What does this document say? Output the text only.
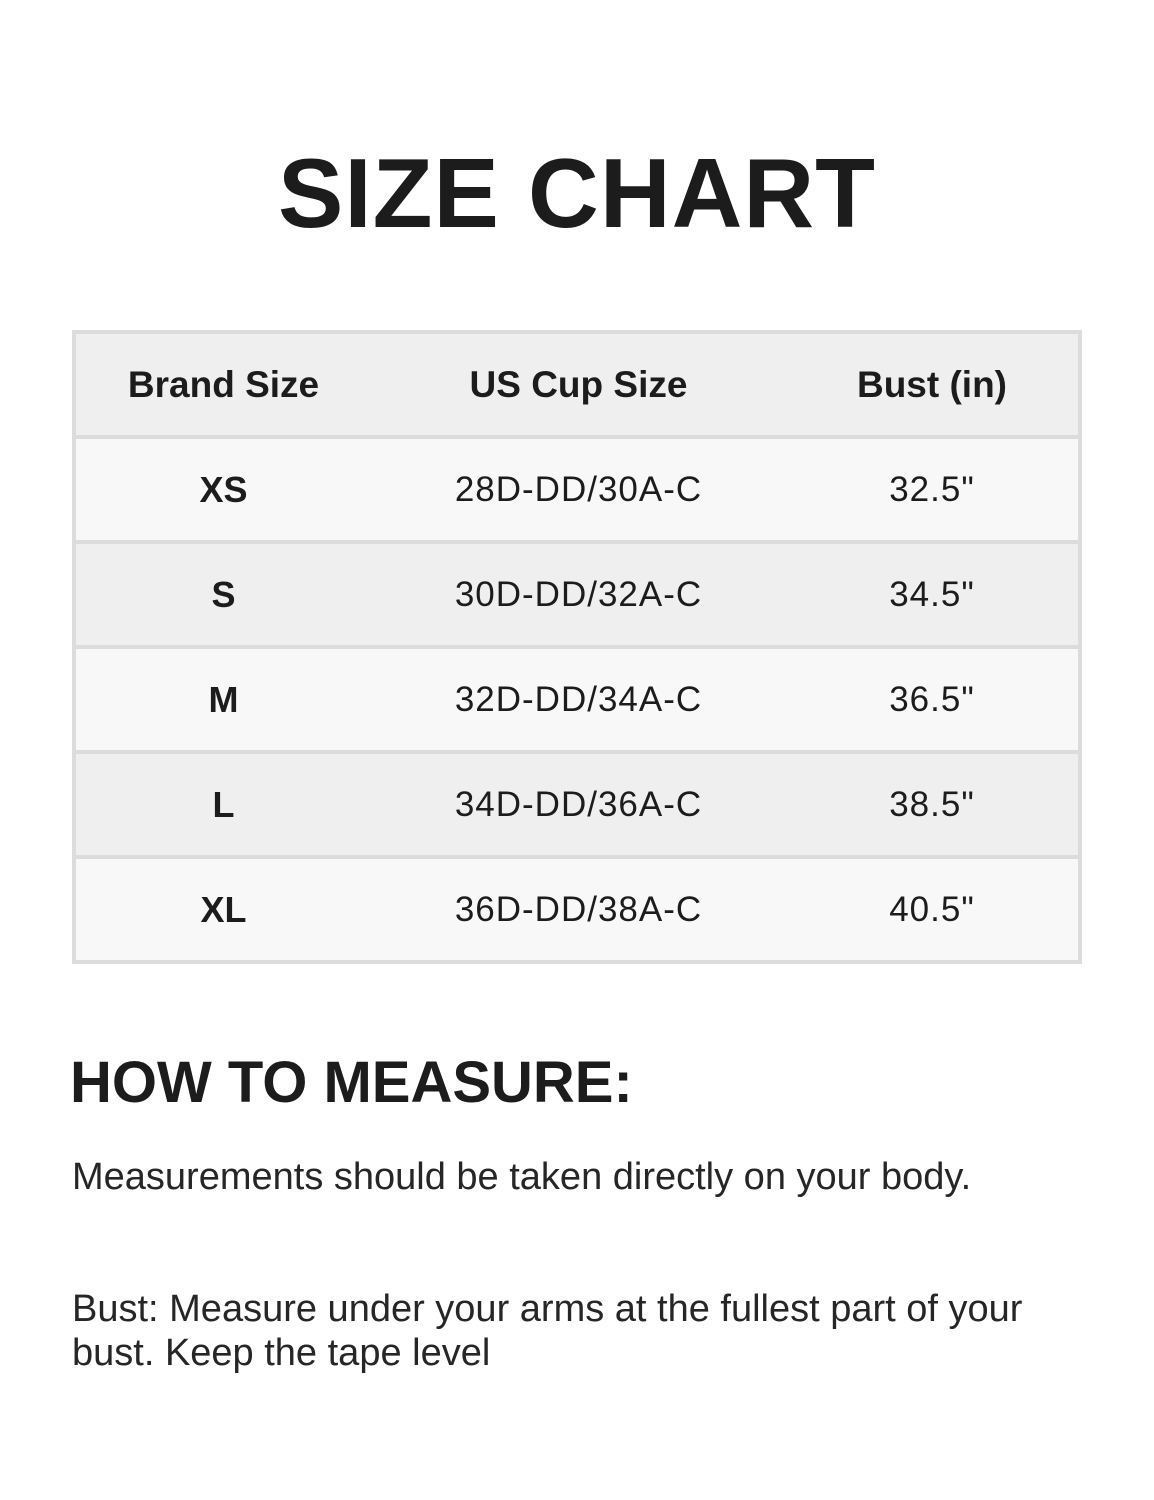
SIZE CHART
Brand Size	US Cup Size	Bust (in)
XS	28D-DD/30A-C	32.5"
S	30D-DD/32A-C	34.5"
M	32D-DD/34A-C	36.5"
L	34D-DD/36A-C	38.5"
XL	36D-DD/38A-C	40.5"
HOW TO MEASURE:

Measurements should be taken directly on your body.

Bust: Measure under your arms at the fullest part of your bust. Keep the tape level
